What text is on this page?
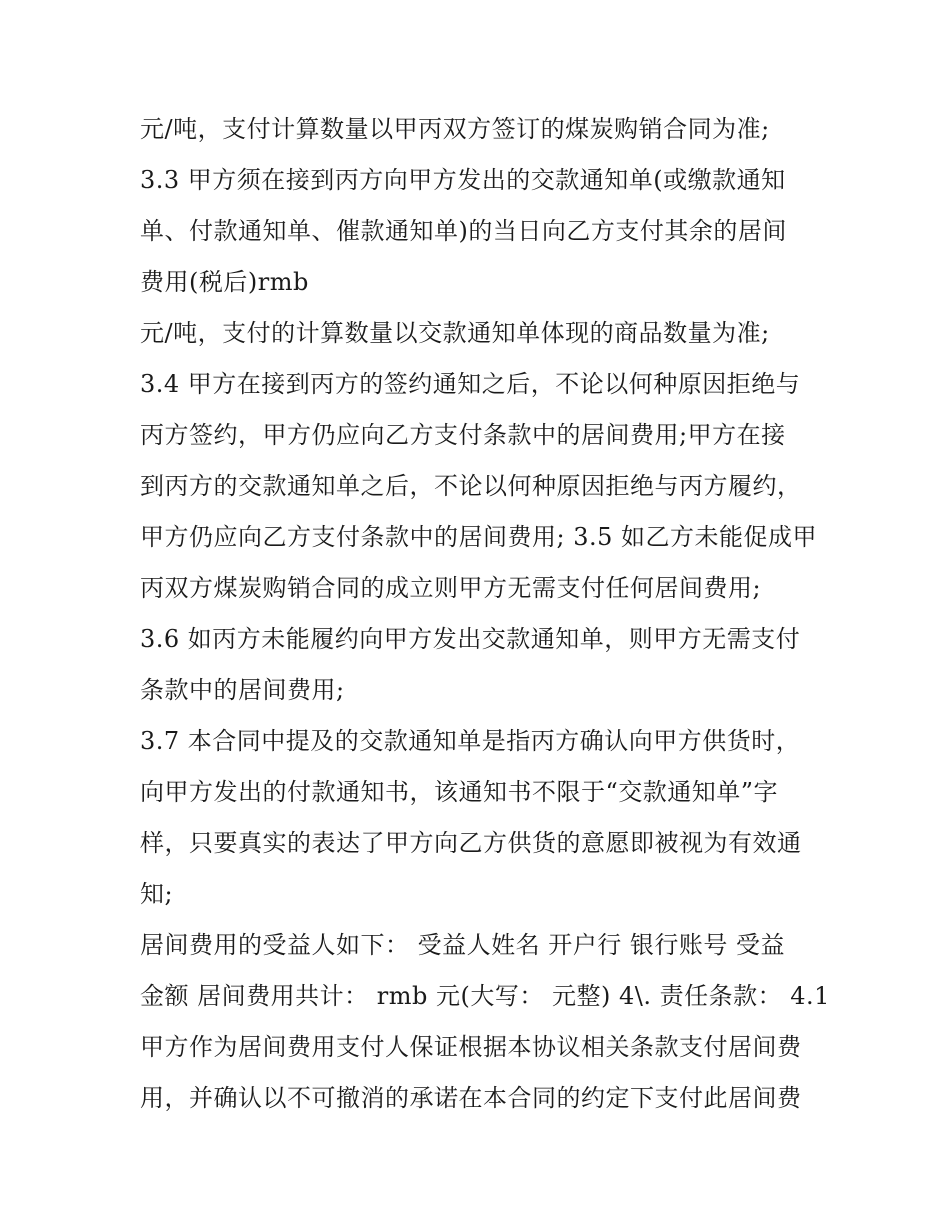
元/吨，支付计算数量以甲丙双方签订的煤炭购销合同为准;
3.3 甲方须在接到丙方向甲方发出的交款通知单(或缴款通知
单、付款通知单、催款通知单)的当日向乙方支付其余的居间
费用(税后)rmb
元/吨，支付的计算数量以交款通知单体现的商品数量为准;
3.4 甲方在接到丙方的签约通知之后，不论以何种原因拒绝与
丙方签约，甲方仍应向乙方支付条款中的居间费用;甲方在接
到丙方的交款通知单之后，不论以何种原因拒绝与丙方履约，
甲方仍应向乙方支付条款中的居间费用; 3.5 如乙方未能促成甲
丙双方煤炭购销合同的成立则甲方无需支付任何居间费用;
3.6 如丙方未能履约向甲方发出交款通知单，则甲方无需支付
条款中的居间费用;
3.7 本合同中提及的交款通知单是指丙方确认向甲方供货时，
向甲方发出的付款通知书，该通知书不限于“交款通知单”字
样，只要真实的表达了甲方向乙方供货的意愿即被视为有效通
知;
居间费用的受益人如下： 受益人姓名 开户行 银行账号 受益
金额 居间费用共计： rmb 元(大写： 元整) 4\. 责任条款： 4.1
甲方作为居间费用支付人保证根据本协议相关条款支付居间费
用，并确认以不可撤消的承诺在本合同的约定下支付此居间费
